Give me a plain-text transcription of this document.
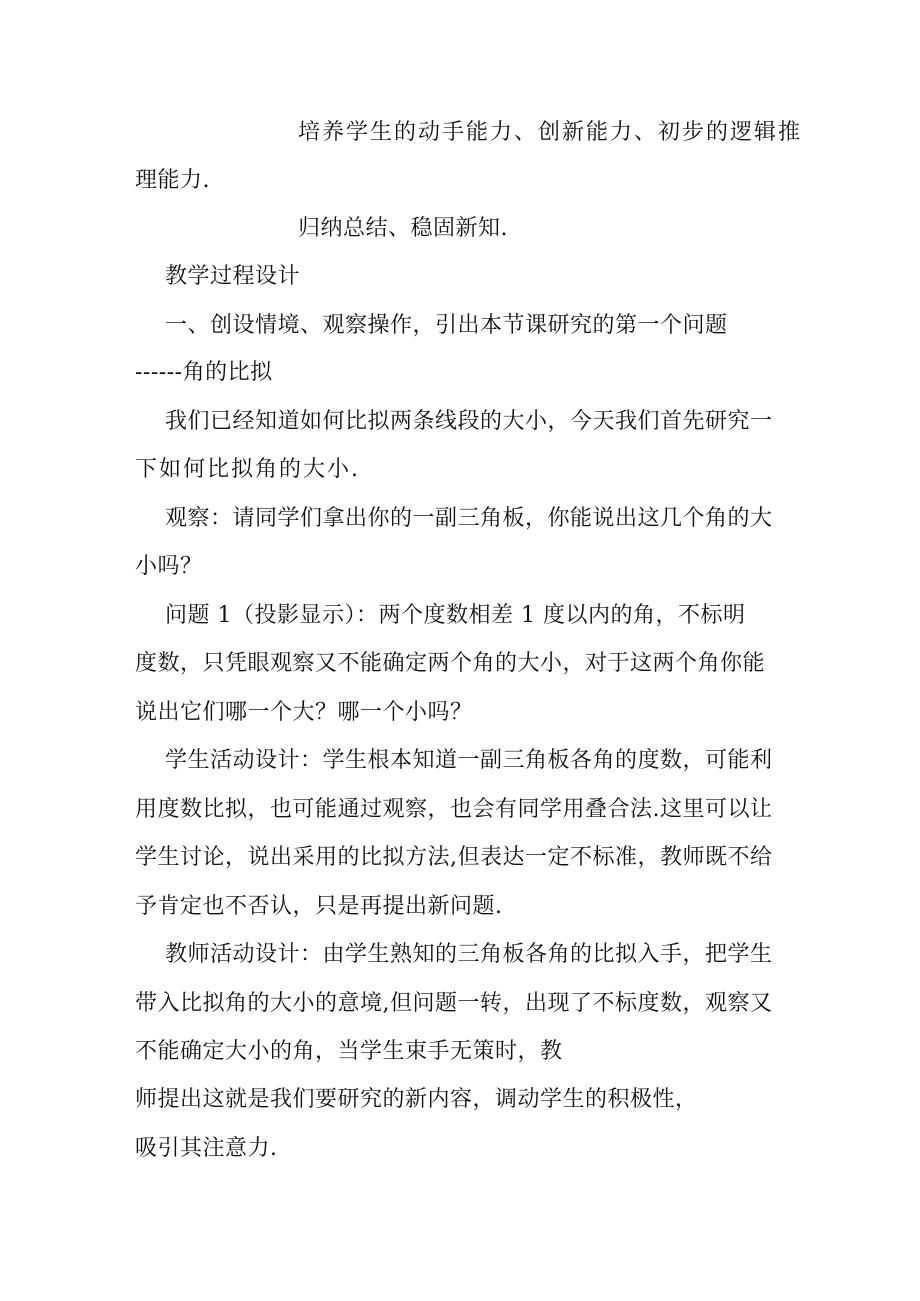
培养学生的动手能力、创新能力、初步的逻辑推
理能力.
归纳总结、稳固新知.
教学过程设计
一、创设情境、观察操作，引出本节课研究的第一个问题
------角的比拟
我们已经知道如何比拟两条线段的大小，今天我们首先研究一
下如何比拟角的大小.
观察：请同学们拿出你的一副三角板，你能说出这几个角的大
小吗？
问题 1（投影显示）：两个度数相差 1 度以内的角，不标明
度数，只凭眼观察又不能确定两个角的大小，对于这两个角你能
说出它们哪一个大？哪一个小吗？
学生活动设计：学生根本知道一副三角板各角的度数，可能利
用度数比拟，也可能通过观察，也会有同学用叠合法.这里可以让
学生讨论，说出采用的比拟方法,但表达一定不标准，教师既不给
予肯定也不否认，只是再提出新问题.
教师活动设计：由学生熟知的三角板各角的比拟入手，把学生
带入比拟角的大小的意境,但问题一转，出现了不标度数，观察又
不能确定大小的角，当学生束手无策时，教
师提出这就是我们要研究的新内容，调动学生的积极性，
吸引其注意力.
